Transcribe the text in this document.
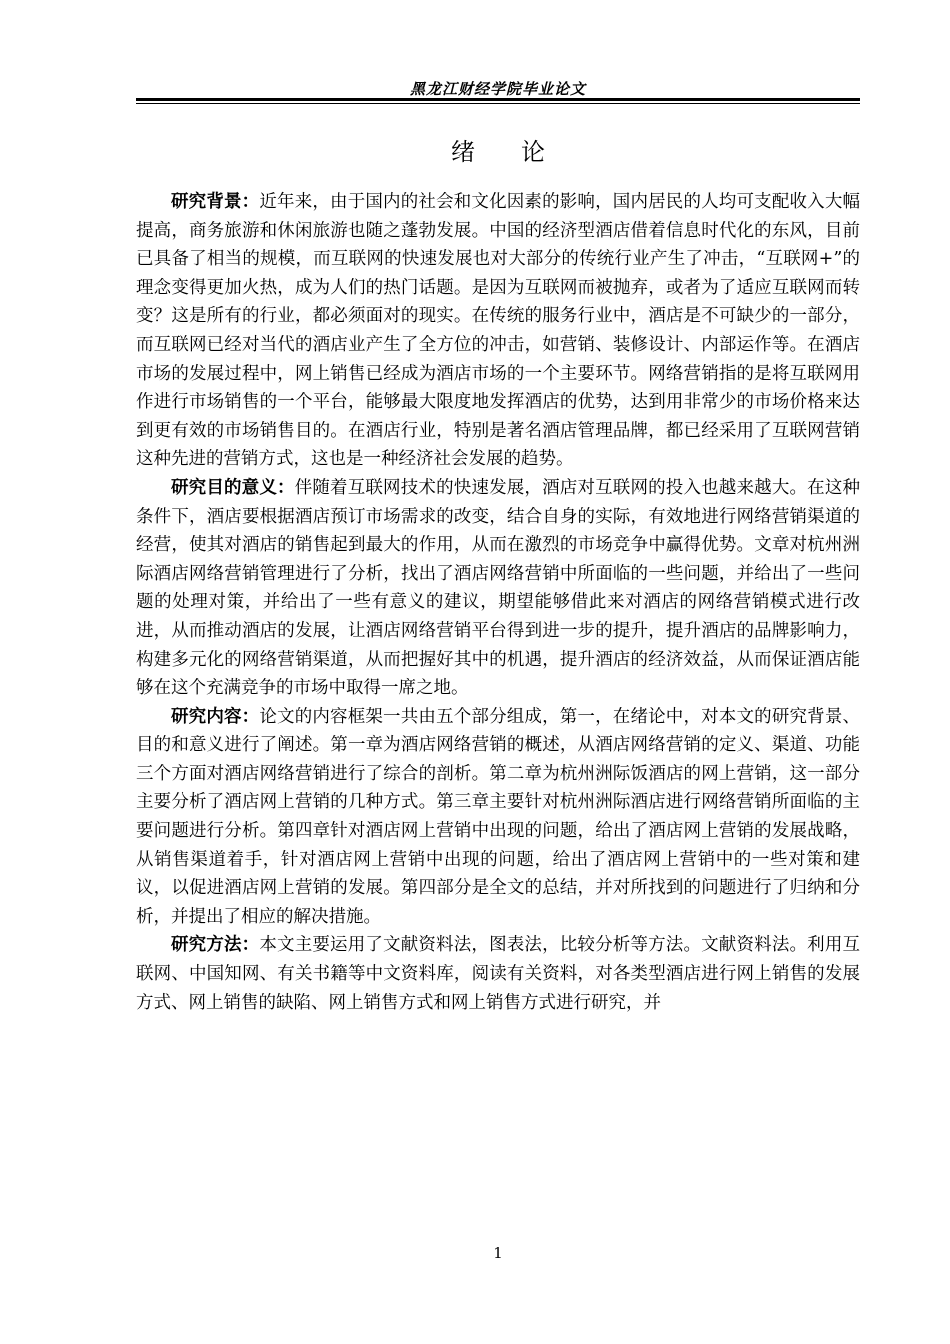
黑龙江财经学院毕业论文
绪论

研究背景：近年来，由于国内的社会和文化因素的影响，国内居民的人均可支配收入大幅提高，商务旅游和休闲旅游也随之蓬勃发展。中国的经济型酒店借着信息时代化的东风，目前已具备了相当的规模，而互联网的快速发展也对大部分的传统行业产生了冲击，“互联网+”的理念变得更加火热，成为人们的热门话题。是因为互联网而被抛弃，或者为了适应互联网而转变？这是所有的行业，都必须面对的现实。在传统的服务行业中，酒店是不可缺少的一部分，而互联网已经对当代的酒店业产生了全方位的冲击，如营销、装修设计、内部运作等。在酒店市场的发展过程中，网上销售已经成为酒店市场的一个主要环节。网络营销指的是将互联网用作进行市场销售的一个平台，能够最大限度地发挥酒店的优势，达到用非常少的市场价格来达到更有效的市场销售目的。在酒店行业，特别是著名酒店管理品牌，都已经采用了互联网营销这种先进的营销方式，这也是一种经济社会发展的趋势。

研究目的意义：伴随着互联网技术的快速发展，酒店对互联网的投入也越来越大。在这种条件下，酒店要根据酒店预订市场需求的改变，结合自身的实际，有效地进行网络营销渠道的经营，使其对酒店的销售起到最大的作用，从而在激烈的市场竞争中赢得优势。文章对杭州洲际酒店网络营销管理进行了分析，找出了酒店网络营销中所面临的一些问题，并给出了一些问题的处理对策，并给出了一些有意义的建议，期望能够借此来对酒店的网络营销模式进行改进，从而推动酒店的发展，让酒店网络营销平台得到进一步的提升，提升酒店的品牌影响力，构建多元化的网络营销渠道，从而把握好其中的机遇，提升酒店的经济效益，从而保证酒店能够在这个充满竞争的市场中取得一席之地。

研究内容：论文的内容框架一共由五个部分组成，第一，在绪论中，对本文的研究背景、目的和意义进行了阐述。第一章为酒店网络营销的概述，从酒店网络营销的定义、渠道、功能三个方面对酒店网络营销进行了综合的剖析。第二章为杭州洲际饭酒店的网上营销，这一部分主要分析了酒店网上营销的几种方式。第三章主要针对杭州洲际酒店进行网络营销所面临的主要问题进行分析。第四章针对酒店网上营销中出现的问题，给出了酒店网上营销的发展战略，从销售渠道着手，针对酒店网上营销中出现的问题，给出了酒店网上营销中的一些对策和建议，以促进酒店网上营销的发展。第四部分是全文的总结，并对所找到的问题进行了归纳和分析，并提出了相应的解决措施。

研究方法：本文主要运用了文献资料法，图表法，比较分析等方法。文献资料法。利用互联网、中国知网、有关书籍等中文资料库，阅读有关资料，对各类型酒店进行网上销售的发展方式、网上销售的缺陷、网上销售方式和网上销售方式进行研究，并

1
